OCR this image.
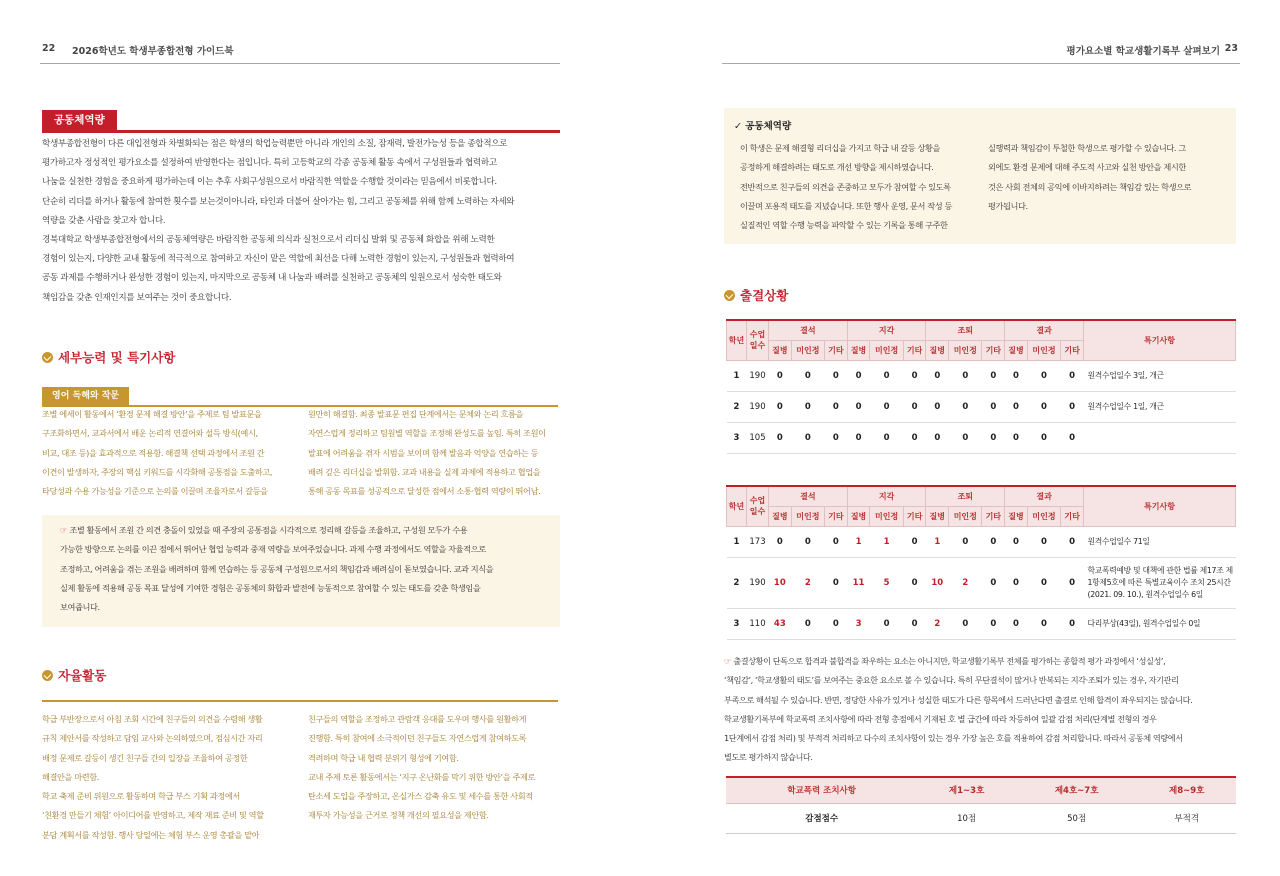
22 2026학년도 학생부종합전형 가이드북	평가요소별 학교생활기록부 살펴보기 23
공동체역량
학생부종합전형이 다른 대입전형과 차별화되는 점은 학생의 학업능력뿐만 아니라 개인의 소질, 잠재력, 발전가능성 등을 종합적으로
평가하고자 정성적인 평가요소를 설정하여 반영한다는 점입니다. 특히 고등학교의 각종 공동체 활동 속에서 구성원들과 협력하고
나눔을 실천한 경험을 중요하게 평가하는데 이는 추후 사회구성원으로서 바람직한 역할을 수행할 것이라는 믿음에서 비롯합니다.
단순히 리더를 하거나 활동에 참여한 횟수를 보는것이아니라, 타인과 더불어 살아가는 힘, 그리고 공동체를 위해 함께 노력하는 자세와
역량을 갖춘 사람을 찾고자 합니다.
경북대학교 학생부종합전형에서의 공동체역량은 바람직한 공동체 의식과 실천으로서 리더십 발휘 및 공동체 화합을 위해 노력한
경험이 있는지, 다양한 교내 활동에 적극적으로 참여하고 자신이 맡은 역할에 최선을 다해 노력한 경험이 있는지, 구성원들과 협력하여
공동 과제를 수행하거나 완성한 경험이 있는지, 마지막으로 공동체 내 나눔과 배려를 실천하고 공동체의 일원으로서 성숙한 태도와
책임감을 갖춘 인재인지를 보여주는 것이 중요합니다.
세부능력 및 특기사항
영어 독해와 작문
조별 에세이 활동에서 ‘환경 문제 해결 방안’을 주제로 팀 발표문을
구조화하면서, 교과서에서 배운 논리적 연결어와 설득 방식(예시,
비교, 대조 등)을 효과적으로 적용함. 해결책 선택 과정에서 조원 간
이견이 발생하자, 주장의 핵심 키워드를 시각화해 공통점을 도출하고,
타당성과 수용 가능성을 기준으로 논의를 이끌며 조율자로서 갈등을
원만히 해결함. 최종 발표문 편집 단계에서는 문체와 논리 흐름을
자연스럽게 정리하고 팀원별 역할을 조정해 완성도를 높임. 특히 조원이
발표에 어려움을 겪자 시범을 보이며 함께 발음과 억양을 연습하는 등
배려 깊은 리더십을 발휘함. 교과 내용을 실제 과제에 적용하고 협업을
통해 공동 목표를 성공적으로 달성한 점에서 소통·협력 역량이 뛰어남.
☞ 조별 활동에서 조원 간 의견 충돌이 있었을 때 주장의 공통점을 시각적으로 정리해 갈등을 조율하고, 구성원 모두가 수용
가능한 방향으로 논의를 이끈 점에서 뛰어난 협업 능력과 중재 역량을 보여주었습니다. 과제 수행 과정에서도 역할을 자율적으로
조정하고, 어려움을 겪는 조원을 배려하며 함께 연습하는 등 공동체 구성원으로서의 책임감과 배려심이 돋보였습니다. 교과 지식을
실제 활동에 적용해 공동 목표 달성에 기여한 경험은 공동체의 화합과 발전에 능동적으로 참여할 수 있는 태도를 갖춘 학생임을
보여줍니다.
자율활동
학급 부반장으로서 아침 조회 시간에 친구들의 의견을 수렴해 생활
규칙 제안서를 작성하고 담임 교사와 논의하였으며, 점심시간 자리
배정 문제로 갈등이 생긴 친구들 간의 입장을 조율하여 공정한
해결안을 마련함.
학교 축제 준비 위원으로 활동하며 학급 부스 기획 과정에서
‘친환경 만들기 체험’ 아이디어를 반영하고, 제작 재료 준비 및 역할
분담 계획서를 작성함. 행사 당일에는 체험 부스 운영 총괄을 맡아
친구들의 역할을 조정하고 관람객 응대를 도우며 행사를 원활하게
진행함. 특히 참여에 소극적이던 친구들도 자연스럽게 참여하도록
격려하며 학급 내 협력 분위기 형성에 기여함.
교내 주제 토론 활동에서는 ‘지구 온난화를 막기 위한 방안’을 주제로
탄소세 도입을 주장하고, 온실가스 감축 유도 및 세수를 통한 사회적
재투자 가능성을 근거로 정책 개선의 필요성을 제안함.
✓ 공동체역량
이 학생은 문제 해결형 리더십을 가지고 학급 내 갈등 상황을
공정하게 해결하려는 태도로 개선 방향을 제시하였습니다.
전반적으로 친구들의 의견을 존중하고 모두가 참여할 수 있도록
이끌며 포용적 태도를 지녔습니다. 또한 행사 운영, 문서 작성 등
실질적인 역할 수행 능력을 파악할 수 있는 기록을 통해 구주한
실행력과 책임감이 투철한 학생으로 평가할 수 있습니다. 그
외에도 환경 문제에 대해 주도적 사고와 실천 방안을 제시한
것은 사회 전체의 공익에 이바지하려는 책임감 있는 학생으로
평가됩니다.
출결상황
학년	수업일수	결석			지각			조퇴			결과			특기사항
		질병	미인정	기타	질병	미인정	기타	질병	미인정	기타	질병	미인정	기타	
1	190	0	0	0	0	0	0	0	0	0	0	0	0	원격수업일수 3일, 개근
2	190	0	0	0	0	0	0	0	0	0	0	0	0	원격수업일수 1일, 개근
3	105	0	0	0	0	0	0	0	0	0	0	0	0	
학년	수업일수	결석			지각			조퇴			결과			특기사항
		질병	미인정	기타	질병	미인정	기타	질병	미인정	기타	질병	미인정	기타	
1	173	0	0	0	1	1	0	1	0	0	0	0	0	원격수업일수 71일
2	190	10	2	0	11	5	0	10	2	0	0	0	0	학교폭력예방 및 대책에 관한 법률 제17조 제1항제5호에 따른 특별교육이수 조치 25시간(2021. 09. 10.), 원격수업일수 6일
3	110	43	0	0	3	0	0	2	0	0	0	0	0	다리부상(43일), 원격수업일수 0일
☞ 출결상황이 단독으로 합격과 불합격을 좌우하는 요소는 아니지만, 학교생활기록부 전체를 평가하는 종합적 평가 과정에서 ‘성실성’,
‘책임감’, ‘학교생활의 태도’를 보여주는 중요한 요소로 볼 수 있습니다. 특히 무단결석이 많거나 반복되는 지각·조퇴가 있는 경우, 자기관리
부족으로 해석될 수 있습니다. 반면, 정당한 사유가 있거나 성실한 태도가 다른 항목에서 드러난다면 출결로 인해 합격이 좌우되지는 않습니다.
학교생활기록부에 학교폭력 조치사항에 따라 전형 총점에서 기재된 호 별 급간에 따라 차등하여 일괄 감점 처리(단계별 전형의 경우
1단계에서 감점 처리) 및 부적격 처리하고 다수의 조치사항이 있는 경우 가장 높은 호를 적용하여 감점 처리합니다. 따라서 공동체 역량에서
별도로 평가하지 않습니다.
학교폭력 조치사항	제1~3호	제4호~7호	제8~9호
감점점수	10점	50점	부적격
